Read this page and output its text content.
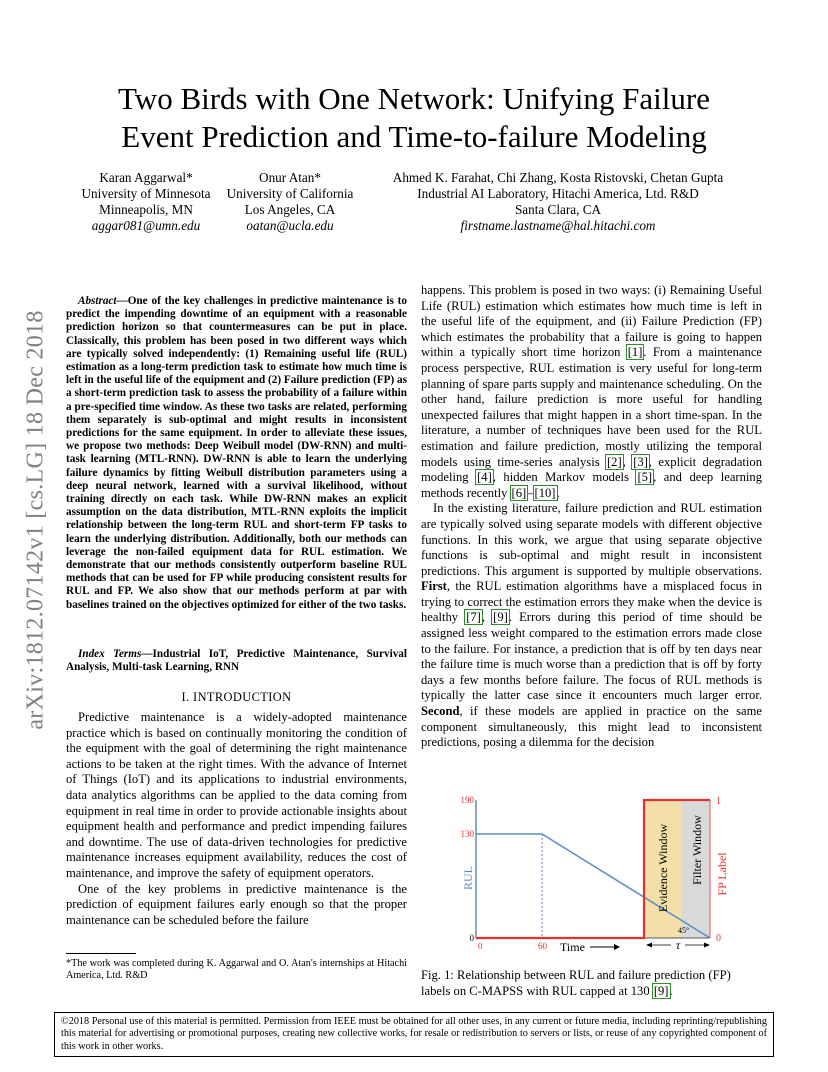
arXiv:1812.07142v1 [cs.LG] 18 Dec 2018
Two Birds with One Network: Unifying Failure
Event Prediction and Time-to-failure Modeling
Karan Aggarwal*
University of Minnesota
Minneapolis, MN
aggar081@umn.edu
Onur Atan*
University of California
Los Angeles, CA
oatan@ucla.edu
Ahmed K. Farahat, Chi Zhang, Kosta Ristovski, Chetan Gupta
Industrial AI Laboratory, Hitachi America, Ltd. R&D
Santa Clara, CA
firstname.lastname@hal.hitachi.com
Abstract—One of the key challenges in predictive maintenance is to predict the impending downtime of an equipment with a reasonable prediction horizon so that countermeasures can be put in place. Classically, this problem has been posed in two different ways which are typically solved independently: (1) Remaining useful life (RUL) estimation as a long-term prediction task to estimate how much time is left in the useful life of the equipment and (2) Failure prediction (FP) as a short-term prediction task to assess the probability of a failure within a pre-specified time window. As these two tasks are related, performing them separately is sub-optimal and might results in inconsistent predictions for the same equipment. In order to alleviate these issues, we propose two methods: Deep Weibull model (DW-RNN) and multi-task learning (MTL-RNN). DW-RNN is able to learn the underlying failure dynamics by fitting Weibull distribution parameters using a deep neural network, learned with a survival likelihood, without training directly on each task. While DW-RNN makes an explicit assumption on the data distribution, MTL-RNN exploits the implicit relationship between the long-term RUL and short-term FP tasks to learn the underlying distribution. Additionally, both our methods can leverage the non-failed equipment data for RUL estimation. We demonstrate that our methods consistently outperform baseline RUL methods that can be used for FP while producing consistent results for RUL and FP. We also show that our methods perform at par with baselines trained on the objectives optimized for either of the two tasks.
Index Terms—Industrial IoT, Predictive Maintenance, Survival Analysis, Multi-task Learning, RNN
I. INTRODUCTION

Predictive maintenance is a widely-adopted maintenance practice which is based on continually monitoring the condition of the equipment with the goal of determining the right maintenance actions to be taken at the right times. With the advance of Internet of Things (IoT) and its applications to industrial environments, data analytics algorithms can be applied to the data coming from equipment in real time in order to provide actionable insights about equipment health and performance and predict impending failures and downtime. The use of data-driven technologies for predictive maintenance increases equipment availability, reduces the cost of maintenance, and improve the safety of equipment operators.

One of the key problems in predictive maintenance is the prediction of equipment failures early enough so that the proper maintenance can be scheduled before the failure

*The work was completed during K. Aggarwal and O. Atan's internships at Hitachi America, Ltd. R&D

happens. This problem is posed in two ways: (i) Remaining Useful Life (RUL) estimation which estimates how much time is left in the useful life of the equipment, and (ii) Failure Prediction (FP) which estimates the probability that a failure is going to happen within a typically short time horizon [1]. From a maintenance process perspective, RUL estimation is very useful for long-term planning of spare parts supply and maintenance scheduling. On the other hand, failure prediction is more useful for handling unexpected failures that might happen in a short time-span. In the literature, a number of techniques have been used for the RUL estimation and failure prediction, mostly utilizing the temporal models using time-series analysis [2], [3], explicit degradation modeling [4], hidden Markov models [5], and deep learning methods recently [6]–[10].

In the existing literature, failure prediction and RUL estimation are typically solved using separate models with different objective functions. In this work, we argue that using separate objective functions is sub-optimal and might result in inconsistent predictions. This argument is supported by multiple observations. First, the RUL estimation algorithms have a misplaced focus in trying to correct the estimation errors they make when the device is healthy [7], [9]. Errors during this period of time should be assigned less weight compared to the estimation errors made close to the failure. For instance, a prediction that is off by ten days near the failure time is much worse than a prediction that is off by forty days a few months before failure. The focus of RUL methods is typically the latter case since it encounters much larger error. Second, if these models are applied in practice on the same component simultaneously, this might lead to inconsistent predictions, posing a dilemma for the decision

190
130
0
1
0
0	60 Time	τ
45°
RUL	Evidence Window Filter Window FP Label
Fig. 1: Relationship between RUL and failure prediction (FP) labels on C-MAPSS with RUL capped at 130 [9].
©2018 Personal use of this material is permitted. Permission from IEEE must be obtained for all other uses, in any current or future media, including reprinting/republishing this material for advertising or promotional purposes, creating new collective works, for resale or redistribution to servers or lists, or reuse of any copyrighted component of this work in other works.
